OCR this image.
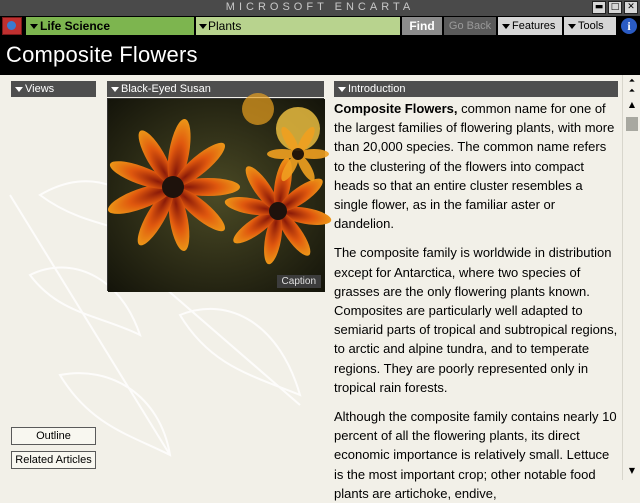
MICROSOFT ENCARTA	▬ □ ✕
Life Science	Plants	Find	Go Back	Features	Tools	i
Composite Flowers
Views	Black-Eyed Susan
Caption
Introduction

Composite Flowers, common name for one of the largest families of flowering plants, with more than 20,000 species. The common name refers to the clustering of the flowers into compact heads so that an entire cluster resembles a single flower, as in the familiar aster or dandelion.

The composite family is worldwide in distribution except for Antarctica, where two species of grasses are the only flowering plants known. Composites are particularly well adapted to semiarid parts of tropical and subtropical regions, to arctic and alpine tundra, and to temperate regions. They are poorly represented only in tropical rain forests.

Although the composite family contains nearly 10 percent of all the flowering plants, its direct economic importance is relatively small. Lettuce is the most important crop; other notable food plants are artichoke, endive,

Outline
Related Articles
⏶
⏶
▲
▼
